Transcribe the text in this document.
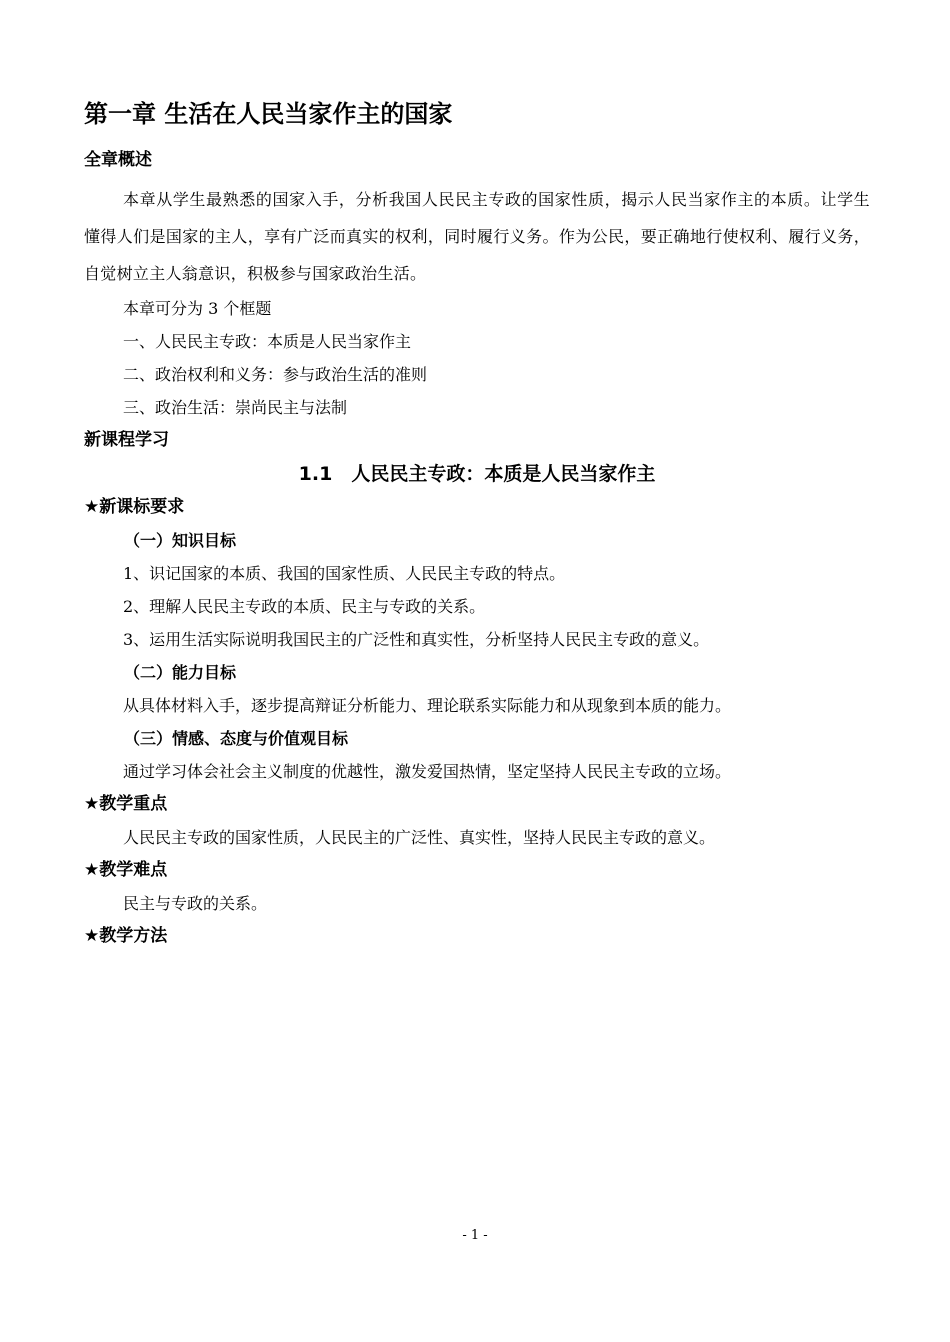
第一章 生活在人民当家作主的国家
全章概述

本章从学生最熟悉的国家入手，分析我国人民民主专政的国家性质，揭示人民当家作主的本质。让学生懂得人们是国家的主人，享有广泛而真实的权利，同时履行义务。作为公民，要正确地行使权利、履行义务，自觉树立主人翁意识，积极参与国家政治生活。

本章可分为 3 个框题

一、人民民主专政：本质是人民当家作主

二、政治权利和义务：参与政治生活的准则

三、政治生活：崇尚民主与法制

新课程学习
1.1　人民民主专政：本质是人民当家作主
★新课标要求
（一）知识目标

1、识记国家的本质、我国的国家性质、人民民主专政的特点。

2、理解人民民主专政的本质、民主与专政的关系。

3、运用生活实际说明我国民主的广泛性和真实性，分析坚持人民民主专政的意义。

（二）能力目标

从具体材料入手，逐步提高辩证分析能力、理论联系实际能力和从现象到本质的能力。

（三）情感、态度与价值观目标

通过学习体会社会主义制度的优越性，激发爱国热情，坚定坚持人民民主专政的立场。

★教学重点

人民民主专政的国家性质，人民民主的广泛性、真实性，坚持人民民主专政的意义。

★教学难点

民主与专政的关系。

★教学方法
- 1 -
